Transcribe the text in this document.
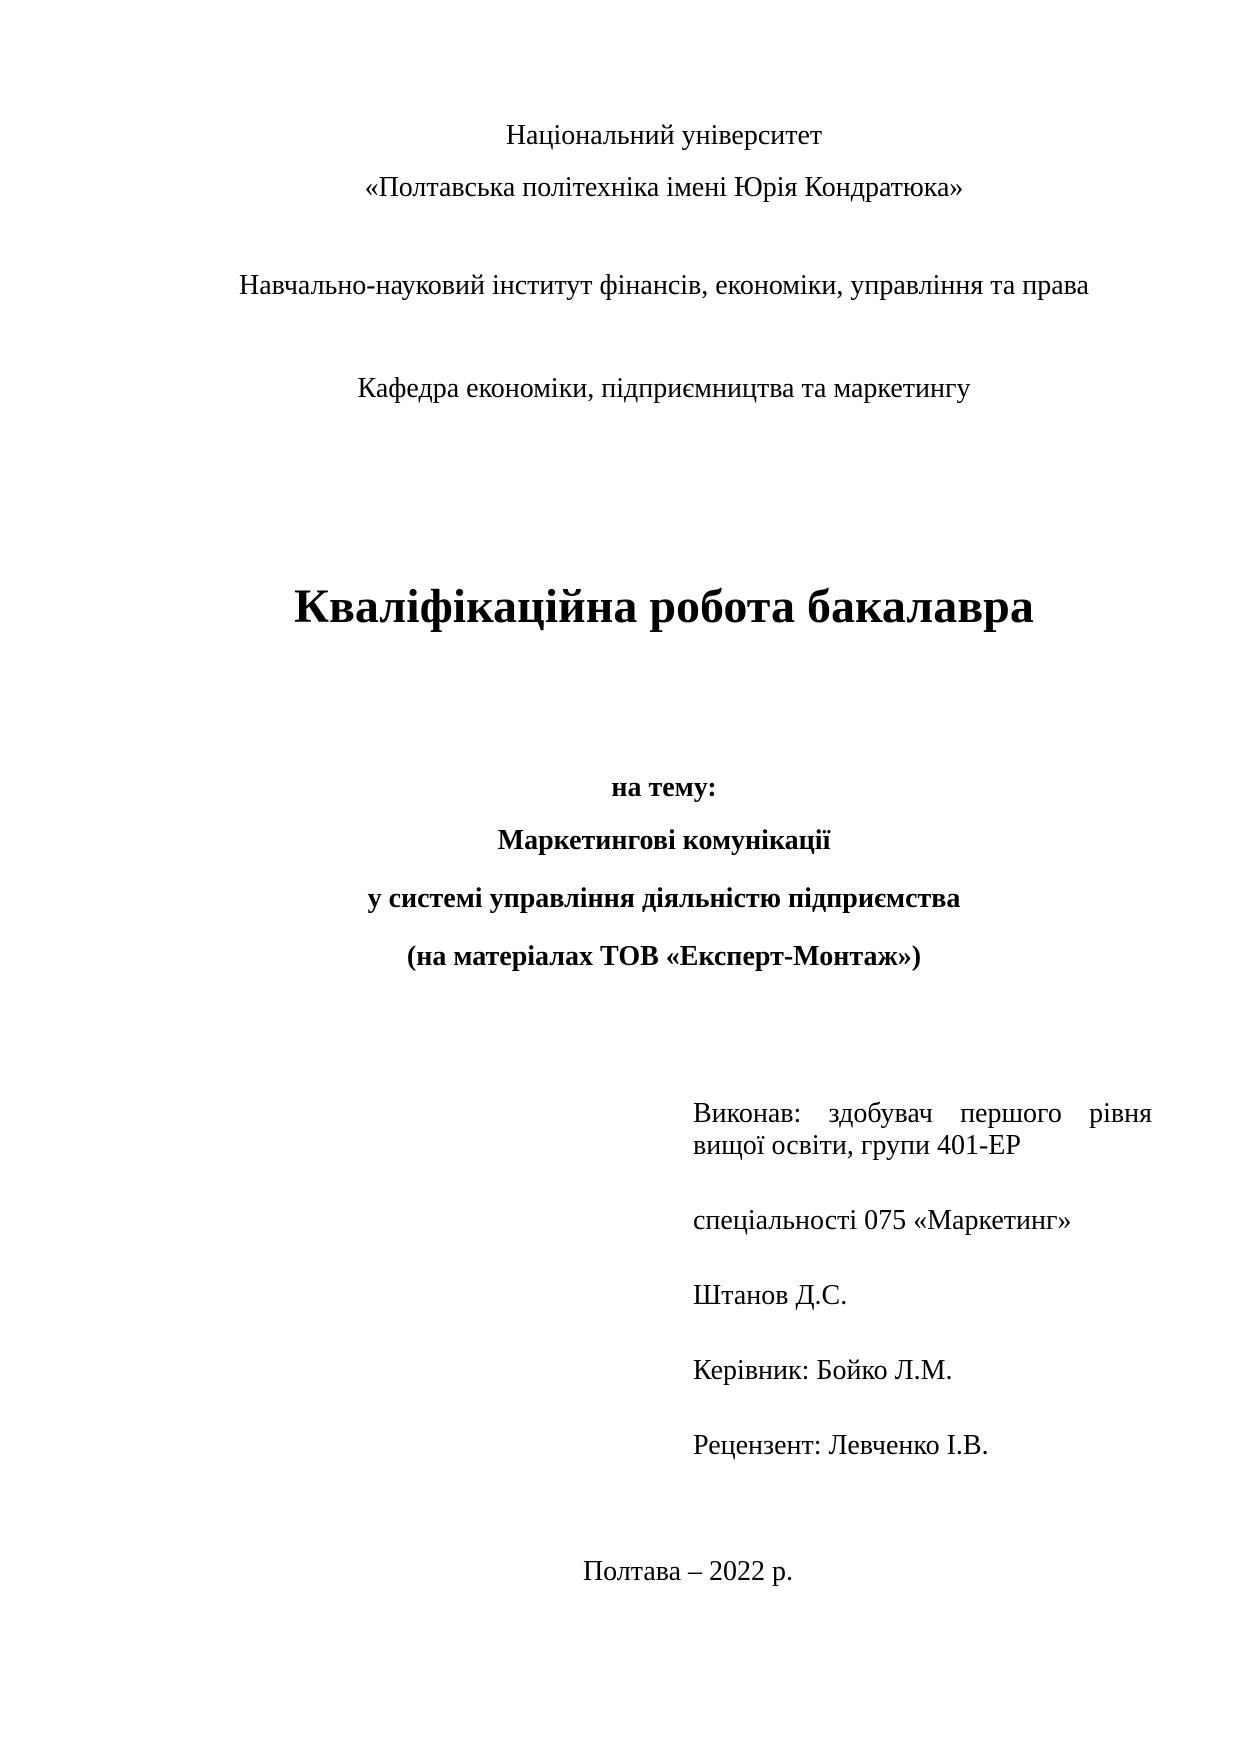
Національний університет
«Полтавська політехніка імені Юрія Кондратюка»
Навчально-науковий інститут фінансів, економіки, управління та права
Кафедра економіки, підприємництва та маркетингу
Кваліфікаційна робота бакалавра
на тему:
Маркетингові комунікації
у системі управління діяльністю підприємства
(на матеріалах ТОВ «Експерт-Монтаж»)
Виконав: здобувач першого рівня
вищої освіти, групи 401-ЕР
спеціальності 075 «Маркетинг»
Штанов Д.С.
Керівник: Бойко Л.М.
Рецензент: Левченко І.В.
Полтава – 2022 р.
